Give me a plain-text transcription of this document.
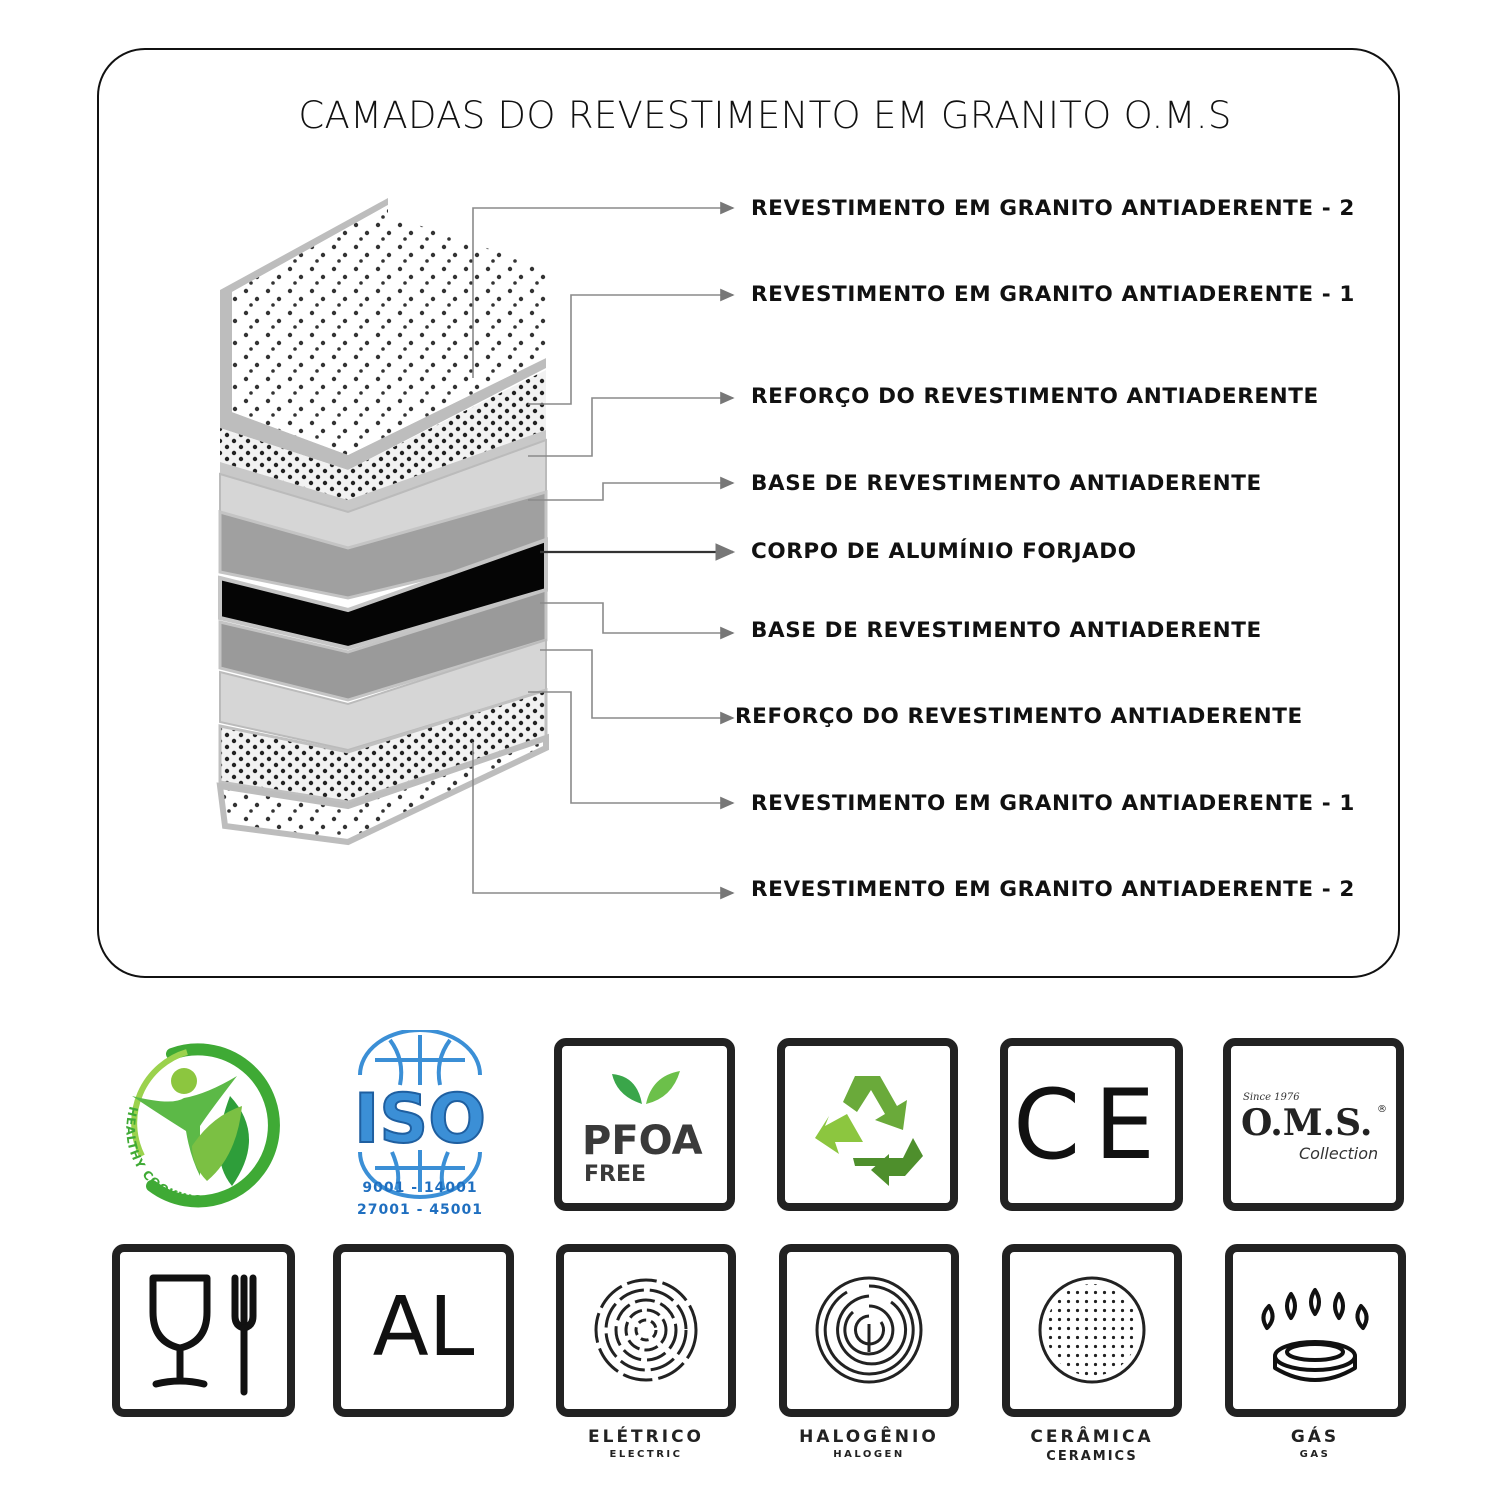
CAMADAS DO REVESTIMENTO EM GRANITO O.M.S
REVESTIMENTO EM GRANITO ANTIADERENTE - 2
REVESTIMENTO EM GRANITO ANTIADERENTE - 1
REFORÇO DO REVESTIMENTO ANTIADERENTE
BASE DE REVESTIMENTO ANTIADERENTE
CORPO DE ALUMÍNIO FORJADO
BASE DE REVESTIMENTO ANTIADERENTE
REFORÇO DO REVESTIMENTO ANTIADERENTE
REVESTIMENTO EM GRANITO ANTIADERENTE - 1
REVESTIMENTO EM GRANITO ANTIADERENTE - 2
HEALTHY COOKING
ISO
9001 - 14001
27001 - 45001
PFOA
FREE	CE	Since 1976
O.M.S. ®
Collection
AL
ELÉTRICO
ELECTRIC
HALOGÊNIO
HALOGEN
CERÂMICA
CERAMICS
GÁS
GAS
